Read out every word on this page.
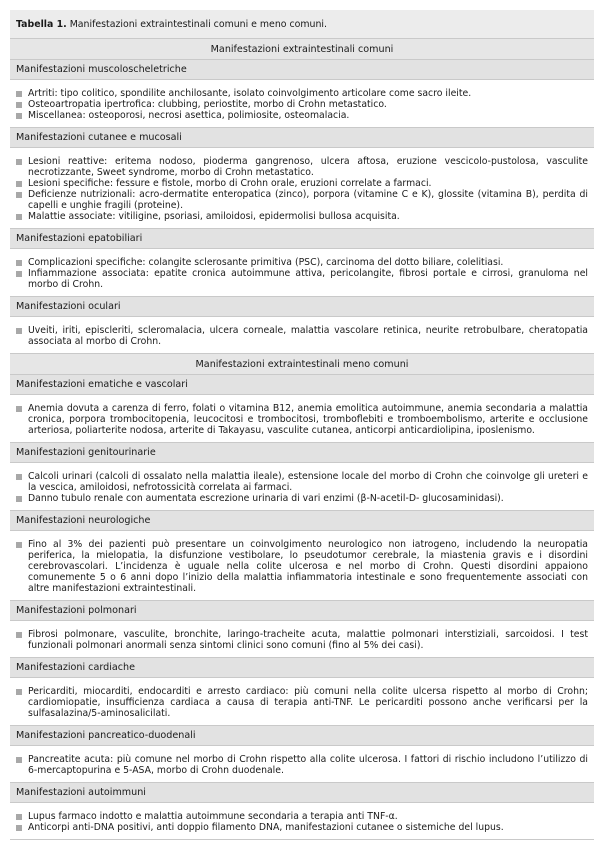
Tabella 1. Manifestazioni extraintestinali comuni e meno comuni.
Manifestazioni extraintestinali comuni
Manifestazioni muscoloscheletriche
Artriti: tipo colitico, spondilite anchilosante, isolato coinvolgimento articolare come sacro ileite.
Osteoartropatia ipertrofica: clubbing, periostite, morbo di Crohn metastatico.
Miscellanea: osteoporosi, necrosi asettica, polimiosite, osteomalacia.
Manifestazioni cutanee e mucosali
Lesioni reattive: eritema nodoso, pioderma gangrenoso, ulcera aftosa, eruzione vescicolo-pustolosa, vasculite necrotizzante, Sweet syndrome, morbo di Crohn metastatico.
Lesioni specifiche: fessure e fistole, morbo di Crohn orale, eruzioni correlate a farmaci.
Deficienze nutrizionali: acro-dermatite enteropatica (zinco), porpora (vitamine C e K), glossite (vitamina B), perdita di capelli e unghie fragili (proteine).
Malattie associate: vitiligine, psoriasi, amiloidosi, epidermolisi bullosa acquisita.
Manifestazioni epatobiliari
Complicazioni specifiche: colangite sclerosante primitiva (PSC), carcinoma del dotto biliare, colelitiasi.
Infiammazione associata: epatite cronica autoimmune attiva, pericolangite, fibrosi portale e cirrosi, granuloma nel morbo di Crohn.
Manifestazioni oculari
Uveiti, iriti, episcleriti, scleromalacia, ulcera corneale, malattia vascolare retinica, neurite retrobulbare, cheratopatia associata al morbo di Crohn.
Manifestazioni extraintestinali meno comuni
Manifestazioni ematiche e vascolari
Anemia dovuta a carenza di ferro, folati o vitamina B12, anemia emolitica autoimmune, anemia secondaria a malattia cronica, porpora trombocitopenia, leucocitosi e trombocitosi, tromboflebiti e tromboembolismo, arterite e occlusione arteriosa, poliarterite nodosa, arterite di Takayasu, vasculite cutanea, anticorpi anticardiolipina, iposlenismo.
Manifestazioni genitourinarie
Calcoli urinari (calcoli di ossalato nella malattia ileale), estensione locale del morbo di Crohn che coinvolge gli ureteri e la vescica, amiloidosi, nefrotossicità correlata ai farmaci.
Danno tubulo renale con aumentata escrezione urinaria di vari enzimi (β-N-acetil-D- glucosaminidasi).
Manifestazioni neurologiche
Fino al 3% dei pazienti può presentare un coinvolgimento neurologico non iatrogeno, includendo la neuropatia periferica, la mielopatia, la disfunzione vestibolare, lo pseudotumor cerebrale, la miastenia gravis e i disordini cerebrovascolari. L’incidenza è uguale nella colite ulcerosa e nel morbo di Crohn. Questi disordini appaiono comunemente 5 o 6 anni dopo l’inizio della malattia infiammatoria intestinale e sono frequentemente associati con altre manifestazioni extraintestinali.
Manifestazioni polmonari
Fibrosi polmonare, vasculite, bronchite, laringo-tracheite acuta, malattie polmonari interstiziali, sarcoidosi. I test funzionali polmonari anormali senza sintomi clinici sono comuni (fino al 5% dei casi).
Manifestazioni cardiache
Pericarditi, miocarditi, endocarditi e arresto cardiaco: più comuni nella colite ulcersa rispetto al morbo di Crohn; cardiomiopatie, insufficienza cardiaca a causa di terapia anti-TNF. Le pericarditi possono anche verificarsi per la sulfasalazina/5-aminosalicilati.
Manifestazioni pancreatico-duodenali
Pancreatite acuta: più comune nel morbo di Crohn rispetto alla colite ulcerosa. I fattori di rischio includono l’utilizzo di 6-mercaptopurina e 5-ASA, morbo di Crohn duodenale.
Manifestazioni autoimmuni
Lupus farmaco indotto e malattia autoimmune secondaria a terapia anti TNF-α.
Anticorpi anti-DNA positivi, anti doppio filamento DNA, manifestazioni cutanee o sistemiche del lupus.
